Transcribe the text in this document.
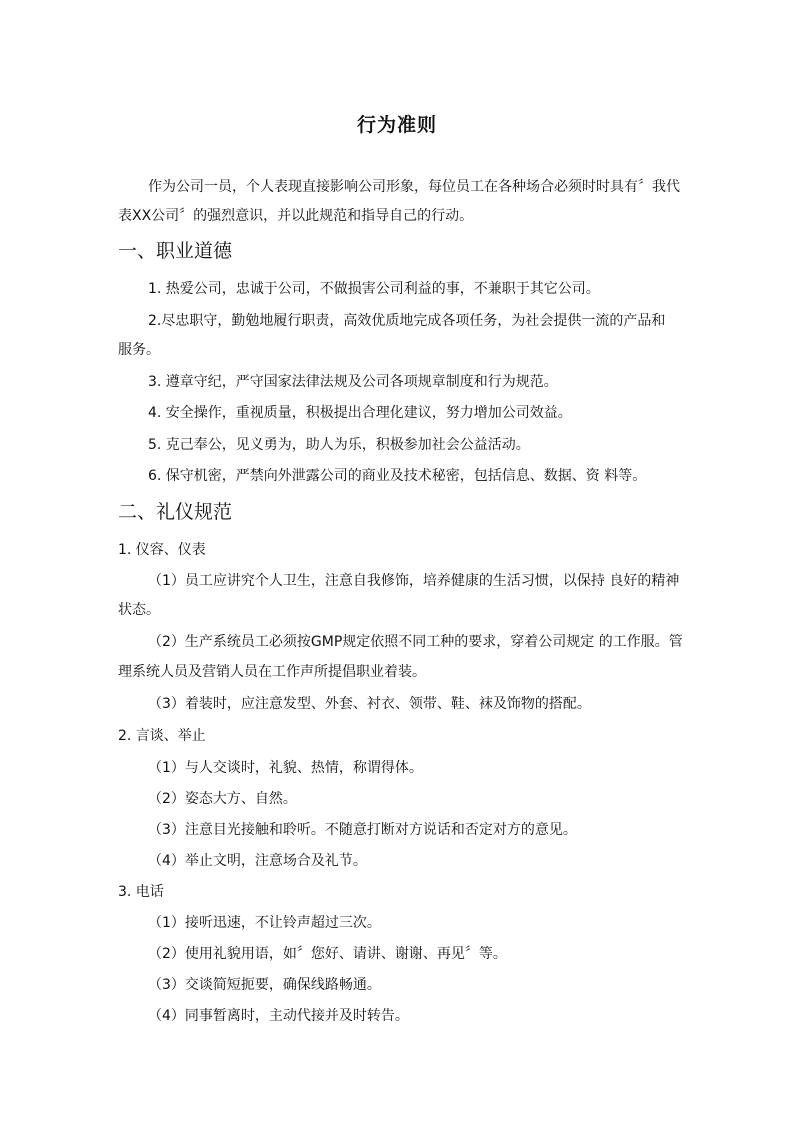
行为准则
作为公司一员，个人表现直接影响公司形象，每位员工在各种场合必须时时具有〞我代
表XX公司〞的强烈意识，并以此规范和指导自己的行动。
一、职业道德
1. 热爱公司，忠诚于公司，不做损害公司利益的事，不兼职于其它公司。
2.尽忠职守，勤勉地履行职责，高效优质地完成各项任务，为社会提供一流的产品和
服务。
3. 遵章守纪，严守国家法律法规及公司各项规章制度和行为规范。
4. 安全操作，重视质量，积极提出合理化建议，努力增加公司效益。
5. 克己奉公，见义勇为，助人为乐，积极参加社会公益活动。
6. 保守机密，严禁向外泄露公司的商业及技术秘密，包括信息、数据、资 料等。
二、礼仪规范
1. 仪容、仪表
（1）员工应讲究个人卫生，注意自我修饰，培养健康的生活习惯，以保持 良好的精神
状态。
（2）生产系统员工必须按GMP规定依照不同工种的要求，穿着公司规定 的工作服。管
理系统人员及营销人员在工作声所提倡职业着装。
（3）着装时，应注意发型、外套、衬衣、领带、鞋、袜及饰物的搭配。
2. 言谈、举止
（1）与人交谈时，礼貌、热情，称谓得体。
（2）姿态大方、自然。
（3）注意目光接触和聆听。不随意打断对方说话和否定对方的意见。
（4）举止文明，注意场合及礼节。
3. 电话
（1）接听迅速，不让铃声超过三次。
（2）使用礼貌用语，如〞您好、请讲、谢谢、再见〞等。
（3）交谈简短扼要，确保线路畅通。
（4）同事暂离时，主动代接并及时转告。
